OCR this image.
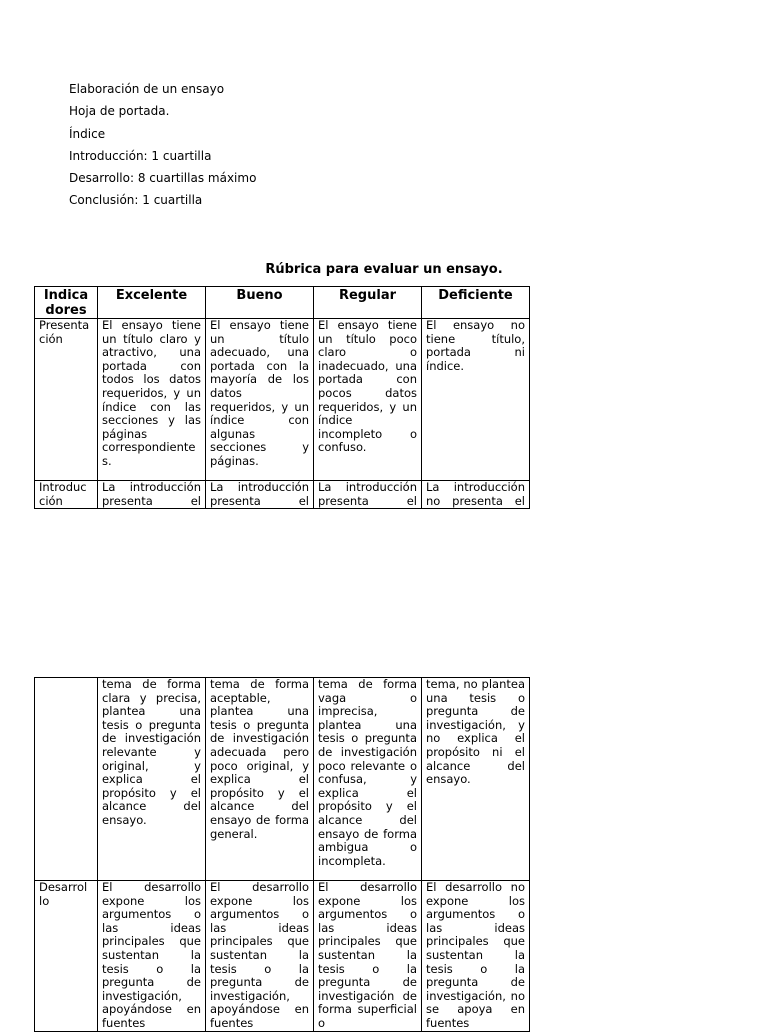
Elaboración de un ensayo
Hoja de portada.
Índice
Introducción: 1 cuartilla
Desarrollo: 8 cuartillas máximo
Conclusión: 1 cuartilla
Rúbrica para evaluar un ensayo.
Indica dores	Excelente	Bueno	Regular	Deficiente
Presenta ción	El ensayo tiene un título claro y atractivo, una portada con todos los datos requeridos, y un índice con las secciones y las páginas correspondiente s.	El ensayo tiene un título adecuado, una portada con la mayoría de los datos requeridos, y un índice con algunas secciones y páginas.	El ensayo tiene un título poco claro o inadecuado, una portada con pocos datos requeridos, y un índice incompleto o confuso.	El ensayo no tiene título, portada ni índice.
Introduc ción	La introducción presenta el	La introducción presenta el	La introducción presenta el	La introducción no presenta el
	tema de forma clara y precisa, plantea una tesis o pregunta de investigación relevante y original, y explica el propósito y el alcance del ensayo.	tema de forma aceptable, plantea una tesis o pregunta de investigación adecuada pero poco original, y explica el propósito y el alcance del ensayo de forma general.	tema de forma vaga o imprecisa, plantea una tesis o pregunta de investigación poco relevante o confusa, y explica el propósito y el alcance del ensayo de forma ambigua o incompleta.	tema, no plantea una tesis o pregunta de investigación, y no explica el propósito ni el alcance del ensayo.
Desarrol lo	El desarrollo expone los argumentos o las ideas principales que sustentan la tesis o la pregunta de investigación, apoyándose en fuentes	El desarrollo expone los argumentos o las ideas principales que sustentan la tesis o la pregunta de investigación, apoyándose en fuentes	El desarrollo expone los argumentos o las ideas principales que sustentan la tesis o la pregunta de investigación de forma superficial o	El desarrollo no expone los argumentos o las ideas principales que sustentan la tesis o la pregunta de investigación, no se apoya en fuentes
